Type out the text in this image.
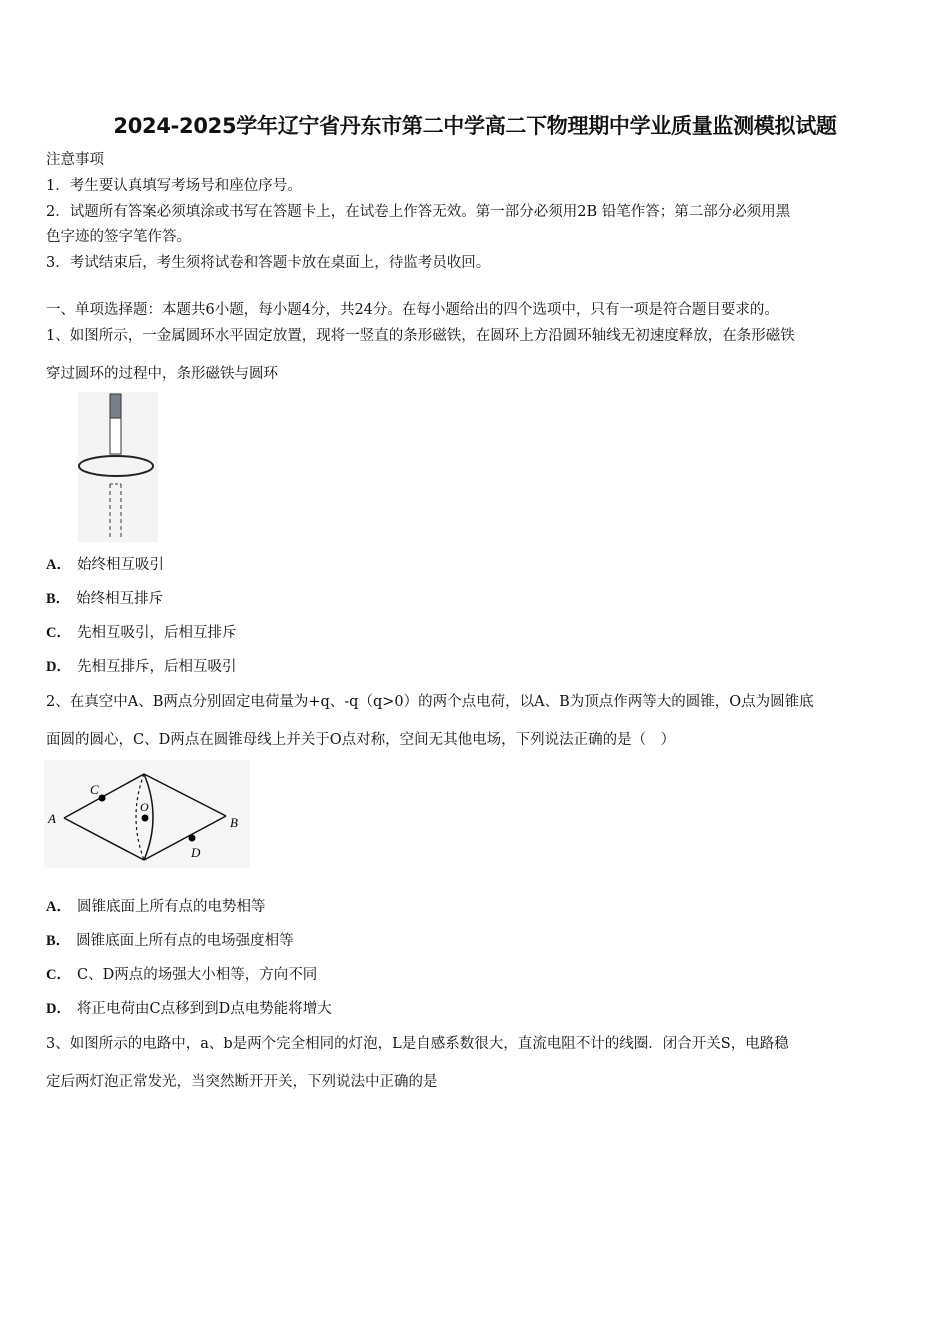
2024-2025学年辽宁省丹东市第二中学高二下物理期中学业质量监测模拟试题
注意事项
1．考生要认真填写考场号和座位序号。
2．试题所有答案必须填涂或书写在答题卡上，在试卷上作答无效。第一部分必须用2B 铅笔作答；第二部分必须用黑
色字迹的签字笔作答。
3．考试结束后，考生须将试卷和答题卡放在桌面上，待监考员收回。
一、单项选择题：本题共6小题，每小题4分，共24分。在每小题给出的四个选项中，只有一项是符合题目要求的。
1、如图所示，一金属圆环水平固定放置，现将一竖直的条形磁铁，在圆环上方沿圆环轴线无初速度释放，在条形磁铁
穿过圆环的过程中，条形磁铁与圆环
A． 始终相互吸引
B． 始终相互排斥
C． 先相互吸引，后相互排斥
D． 先相互排斥，后相互吸引
2、在真空中A、B两点分别固定电荷量为+q、-q（q>0）的两个点电荷，以A、B为顶点作两等大的圆锥，O点为圆锥底
面圆的圆心，C、D两点在圆锥母线上并关于O点对称，空间无其他电场，下列说法正确的是（　）
A	B
C
D
O
A． 圆锥底面上所有点的电势相等
B． 圆锥底面上所有点的电场强度相等
C． C、D两点的场强大小相等，方向不同
D． 将正电荷由C点移到到D点电势能将增大
3、如图所示的电路中，a、b是两个完全相同的灯泡，L是自感系数很大，直流电阻不计的线圈．闭合开关S，电路稳
定后两灯泡正常发光，当突然断开开关，下列说法中正确的是
